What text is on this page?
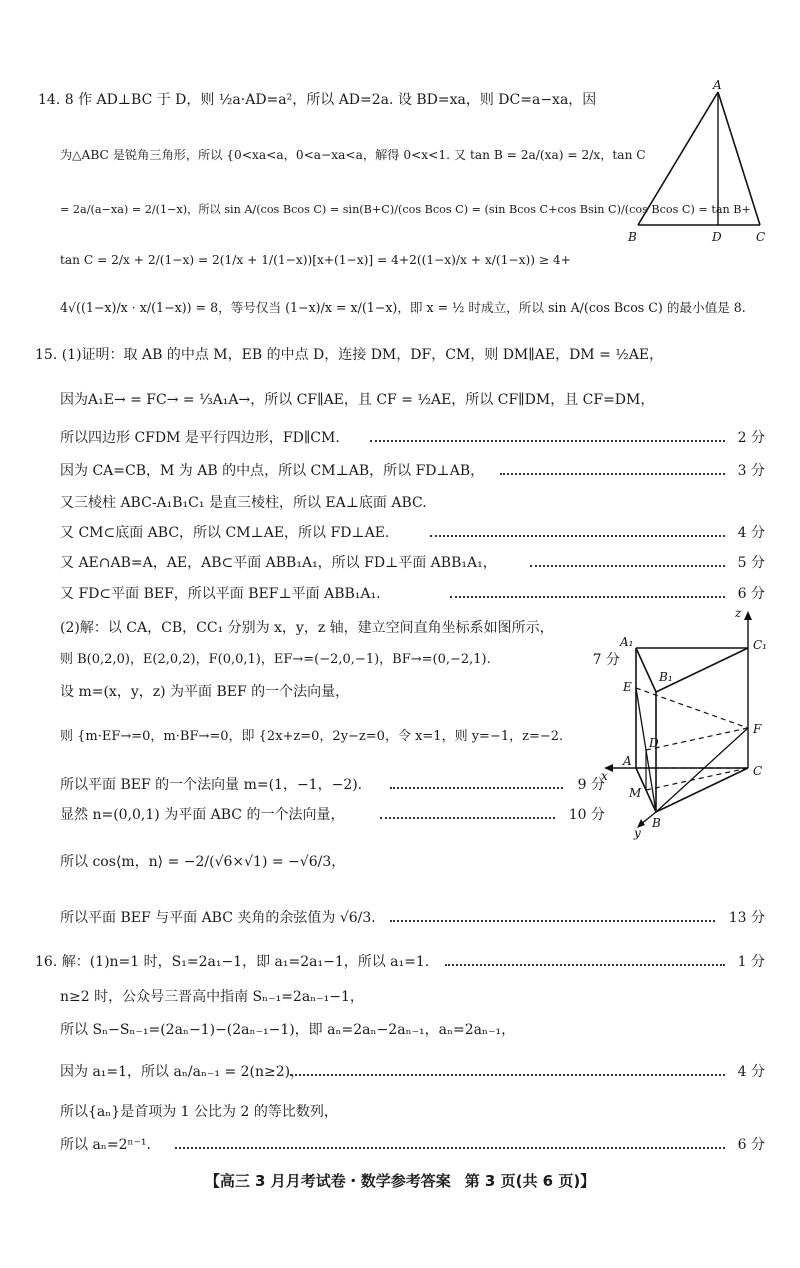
14. 8 作 AD⊥BC 于 D，则 ½a·AD=a²，所以 AD=2a. 设 BD=xa，则 DC=a−xa，因
为△ABC 是锐角三角形，所以 {0<xa<a，0<a−xa<a，解得 0<x<1. 又 tan B = 2a/(xa) = 2/x，tan C
= 2a/(a−xa) = 2/(1−x)，所以 sin A/(cos Bcos C) = sin(B+C)/(cos Bcos C) = (sin Bcos C+cos Bsin C)/(cos Bcos C) = tan B+
tan C = 2/x + 2/(1−x) = 2(1/x + 1/(1−x))[x+(1−x)] = 4+2((1−x)/x + x/(1−x)) ≥ 4+
4√((1−x)/x · x/(1−x)) = 8，等号仅当 (1−x)/x = x/(1−x)，即 x = ½ 时成立，所以 sin A/(cos Bcos C) 的最小值是 8.
A
B	D	C
15. (1)证明：取 AB 的中点 M，EB 的中点 D，连接 DM，DF，CM，则 DM∥AE，DM = ½AE，
因为A₁E→ = FC→ = ⅓A₁A→，所以 CF∥AE，且 CF = ½AE，所以 CF∥DM，且 CF=DM，
所以四边形 CFDM 是平行四边形，FD∥CM.	2 分
因为 CA=CB，M 为 AB 的中点，所以 CM⊥AB，所以 FD⊥AB，	3 分
又三棱柱 ABC-A₁B₁C₁ 是直三棱柱，所以 EA⊥底面 ABC.
又 CM⊂底面 ABC，所以 CM⊥AE，所以 FD⊥AE.	4 分
又 AE∩AB=A，AE，AB⊂平面 ABB₁A₁，所以 FD⊥平面 ABB₁A₁，	5 分
又 FD⊂平面 BEF，所以平面 BEF⊥平面 ABB₁A₁.	6 分
(2)解：以 CA，CB，CC₁ 分别为 x，y，z 轴，建立空间直角坐标系如图所示，
则 B(0,2,0)，E(2,0,2)，F(0,0,1)，EF→=(−2,0,−1)，BF→=(0,−2,1).	7 分
设 m=(x，y，z) 为平面 BEF 的一个法向量，
则 {m·EF→=0，m·BF→=0，即 {2x+z=0，2y−z=0，令 x=1，则 y=−1，z=−2.
所以平面 BEF 的一个法向量 m=(1，−1，−2).	9 分
显然 n=(0,0,1) 为平面 ABC 的一个法向量，	10 分
所以 cos⟨m，n⟩ = −2/(√6×√1) = −√6/3，
所以平面 BEF 与平面 ABC 夹角的余弦值为 √6/3.	13 分
z
A₁	C₁
B₁
E
F
D
x
A
C
M
y
B
16. 解：(1)n=1 时，S₁=2a₁−1，即 a₁=2a₁−1，所以 a₁=1.	1 分
n≥2 时，公众号三晋高中指南 Sₙ₋₁=2aₙ₋₁−1，
所以 Sₙ−Sₙ₋₁=(2aₙ−1)−(2aₙ₋₁−1)，即 aₙ=2aₙ−2aₙ₋₁，aₙ=2aₙ₋₁，
因为 a₁=1，所以 aₙ/aₙ₋₁ = 2(n≥2)，	4 分
所以{aₙ}是首项为 1 公比为 2 的等比数列，
所以 aₙ=2ⁿ⁻¹.	6 分
【高三 3 月月考试卷・数学参考答案 第 3 页(共 6 页)】
